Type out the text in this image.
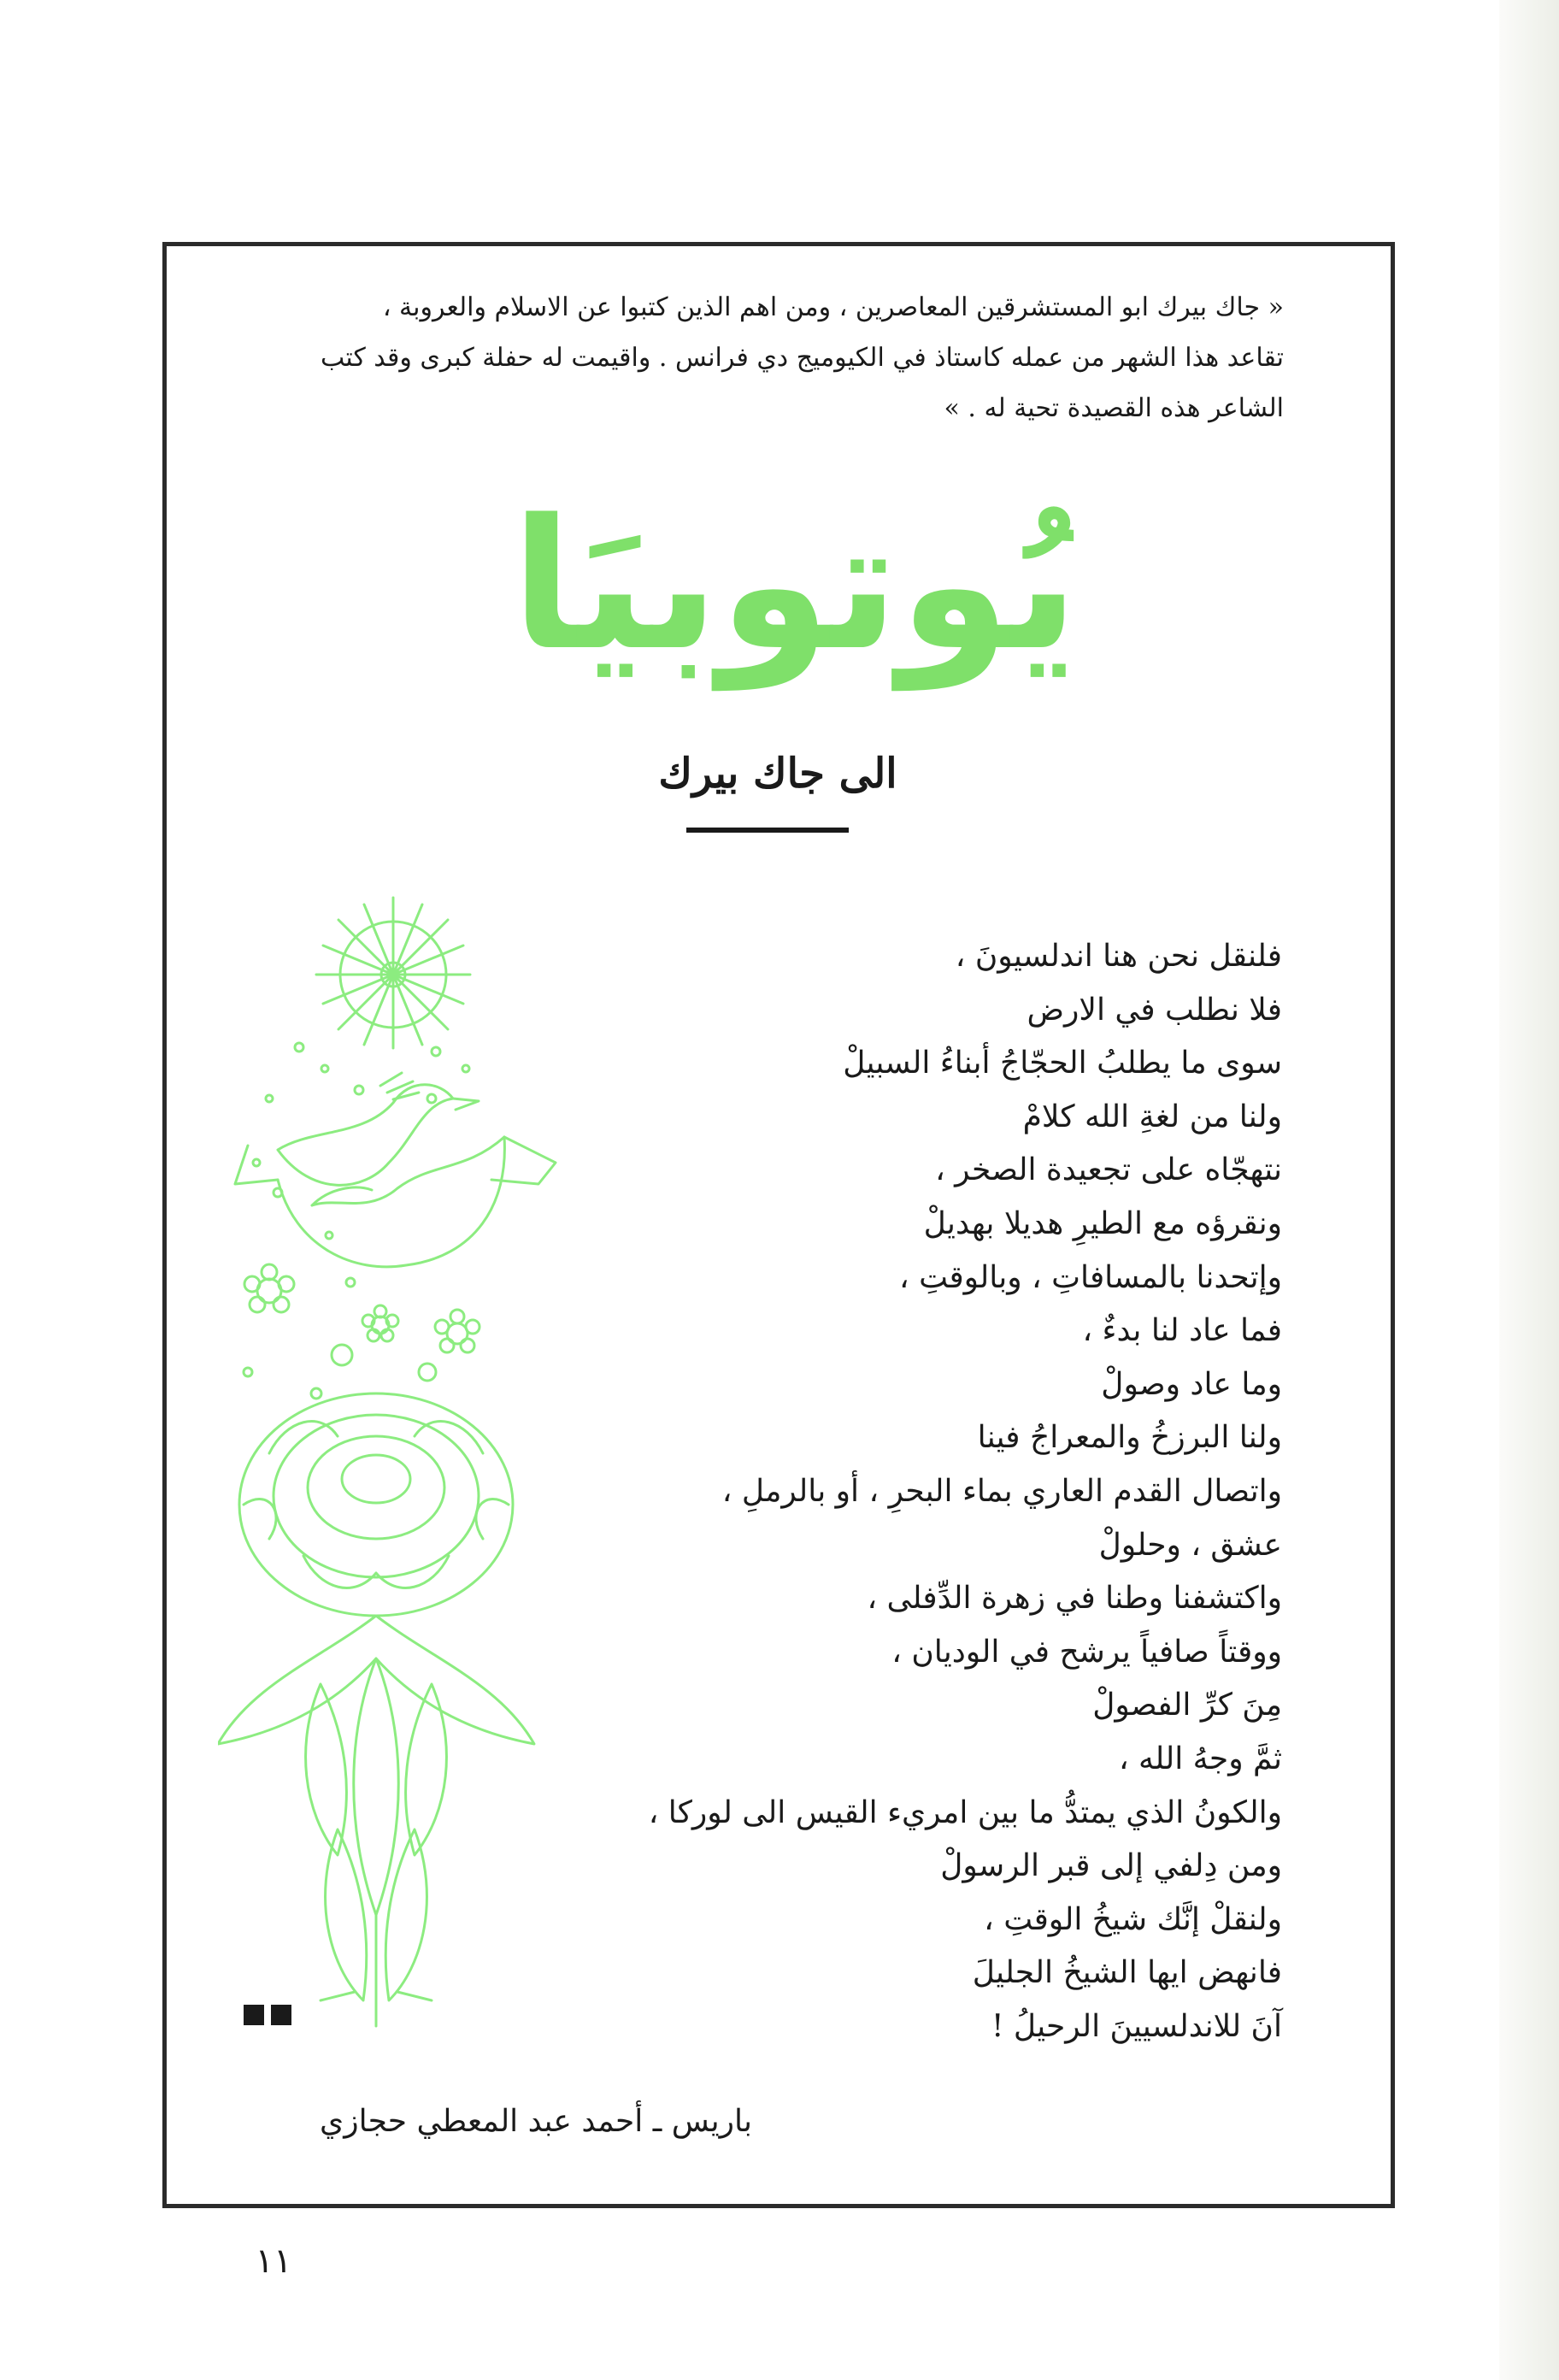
« جاك بيرك ابو المستشرقين المعاصرين ، ومن اهم الذين كتبوا عن الاسلام والعروبة ،
تقاعد هذا الشهر من عمله كاستاذ في الكيوميج دي فرانس . واقيمت له حفلة كبرى وقد كتب
الشاعر هذه القصيدة تحية له . »
يُوتوبيَا
الى جاك بيرك
فلنقل نحن هنا اندلسيونَ ،
فلا نطلب في الارض
سوى ما يطلبُ الحجّاجُ أبناءُ السبيلْ
ولنا من لغةِ الله كلامْ
نتهجّاه على تجعيدة الصخر ،
ونقرؤه مع الطيرِ هديلا بهديلْ
وإتحدنا بالمسافاتِ ، وبالوقتِ ،
فما عاد لنا بدءٌ ،
وما عاد وصولْ
ولنا البرزخُ والمعراجُ فينا
واتصال القدم العاري بماء البحرِ ، أو بالرملِ ،
عشق ، وحلولْ
واكتشفنا وطنا في زهرة الدِّفلى ،
ووقتاً صافياً يرشح في الوديان ،
مِنَ كرِّ الفصولْ
ثمَّ وجهُ الله ،
والكونُ الذي يمتدُّ ما بين امريء القيس الى لوركا ،
ومن دِلفي إلى قبر الرسولْ
ولنقلْ إنَّك شيخُ الوقتِ ،
فانهض ايها الشيخُ الجليلَ
آنَ للاندلسيينَ الرحيلُ !
باريس ـ أحمد عبد المعطي حجازي
١١
